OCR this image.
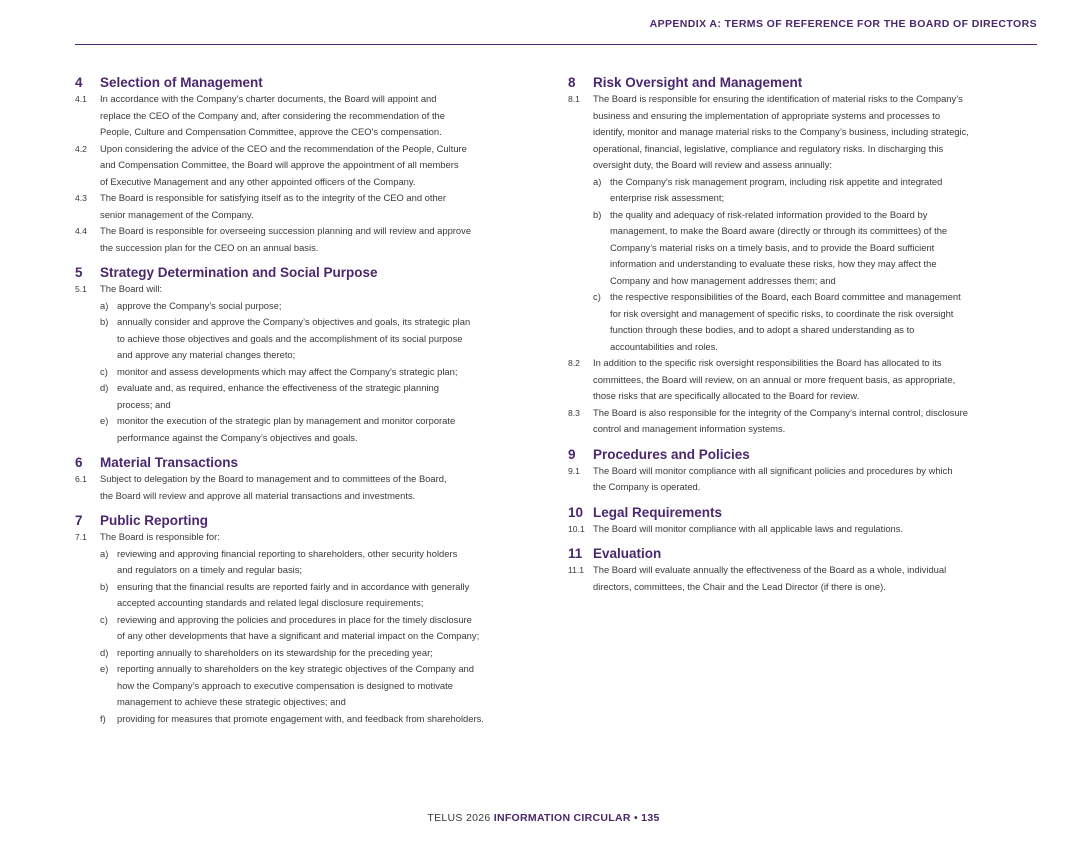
APPENDIX A: TERMS OF REFERENCE FOR THE BOARD OF DIRECTORS
4	Selection of Management
4.1	In accordance with the Company’s charter documents, the Board will appoint and
replace the CEO of the Company and, after considering the recommendation of the
People, Culture and Compensation Committee, approve the CEO’s compensation.
4.2	Upon considering the advice of the CEO and the recommendation of the People, Culture
and Compensation Committee, the Board will approve the appointment of all members
of Executive Management and any other appointed officers of the Company.
4.3	The Board is responsible for satisfying itself as to the integrity of the CEO and other
senior management of the Company.
4.4	The Board is responsible for overseeing succession planning and will review and approve
the succession plan for the CEO on an annual basis.
5	Strategy Determination and Social Purpose
5.1	The Board will:
a) approve the Company’s social purpose;
b) annually consider and approve the Company’s objectives and goals, its strategic plan
to achieve those objectives and goals and the accomplishment of its social purpose
and approve any material changes thereto;
c) monitor and assess developments which may affect the Company’s strategic plan;
d) evaluate and, as required, enhance the effectiveness of the strategic planning
process; and
e) monitor the execution of the strategic plan by management and monitor corporate
performance against the Company’s objectives and goals.
6	Material Transactions
6.1	Subject to delegation by the Board to management and to committees of the Board,
the Board will review and approve all material transactions and investments.
7	Public Reporting
7.1	The Board is responsible for:
a) reviewing and approving financial reporting to shareholders, other security holders
and regulators on a timely and regular basis;
b) ensuring that the financial results are reported fairly and in accordance with generally
accepted accounting standards and related legal disclosure requirements;
c) reviewing and approving the policies and procedures in place for the timely disclosure
of any other developments that have a significant and material impact on the Company;
d) reporting annually to shareholders on its stewardship for the preceding year;
e) reporting annually to shareholders on the key strategic objectives of the Company and
how the Company’s approach to executive compensation is designed to motivate
management to achieve these strategic objectives; and
f)	providing for measures that promote engagement with, and feedback from shareholders.
8	Risk Oversight and Management
8.1	The Board is responsible for ensuring the identification of material risks to the Company’s
business and ensuring the implementation of appropriate systems and processes to
identify, monitor and manage material risks to the Company’s business, including strategic,
operational, financial, legislative, compliance and regulatory risks. In discharging this
oversight duty, the Board will review and assess annually:
a) the Company’s risk management program, including risk appetite and integrated
enterprise risk assessment;
b) the quality and adequacy of risk-related information provided to the Board by
management, to make the Board aware (directly or through its committees) of the
Company’s material risks on a timely basis, and to provide the Board sufficient
information and understanding to evaluate these risks, how they may affect the
Company and how management addresses them; and
c) the respective responsibilities of the Board, each Board committee and management
for risk oversight and management of specific risks, to coordinate the risk oversight
function through these bodies, and to adopt a shared understanding as to
accountabilities and roles.
8.2	In addition to the specific risk oversight responsibilities the Board has allocated to its
committees, the Board will review, on an annual or more frequent basis, as appropriate,
those risks that are specifically allocated to the Board for review.
8.3	The Board is also responsible for the integrity of the Company’s internal control, disclosure
control and management information systems.
9	Procedures and Policies
9.1	The Board will monitor compliance with all significant policies and procedures by which
the Company is operated.
10 Legal Requirements
10.1 The Board will monitor compliance with all applicable laws and regulations.
11 Evaluation
11.1 The Board will evaluate annually the effectiveness of the Board as a whole, individual
directors, committees, the Chair and the Lead Director (if there is one).
TELUS 2026 INFORMATION CIRCULAR • 135
